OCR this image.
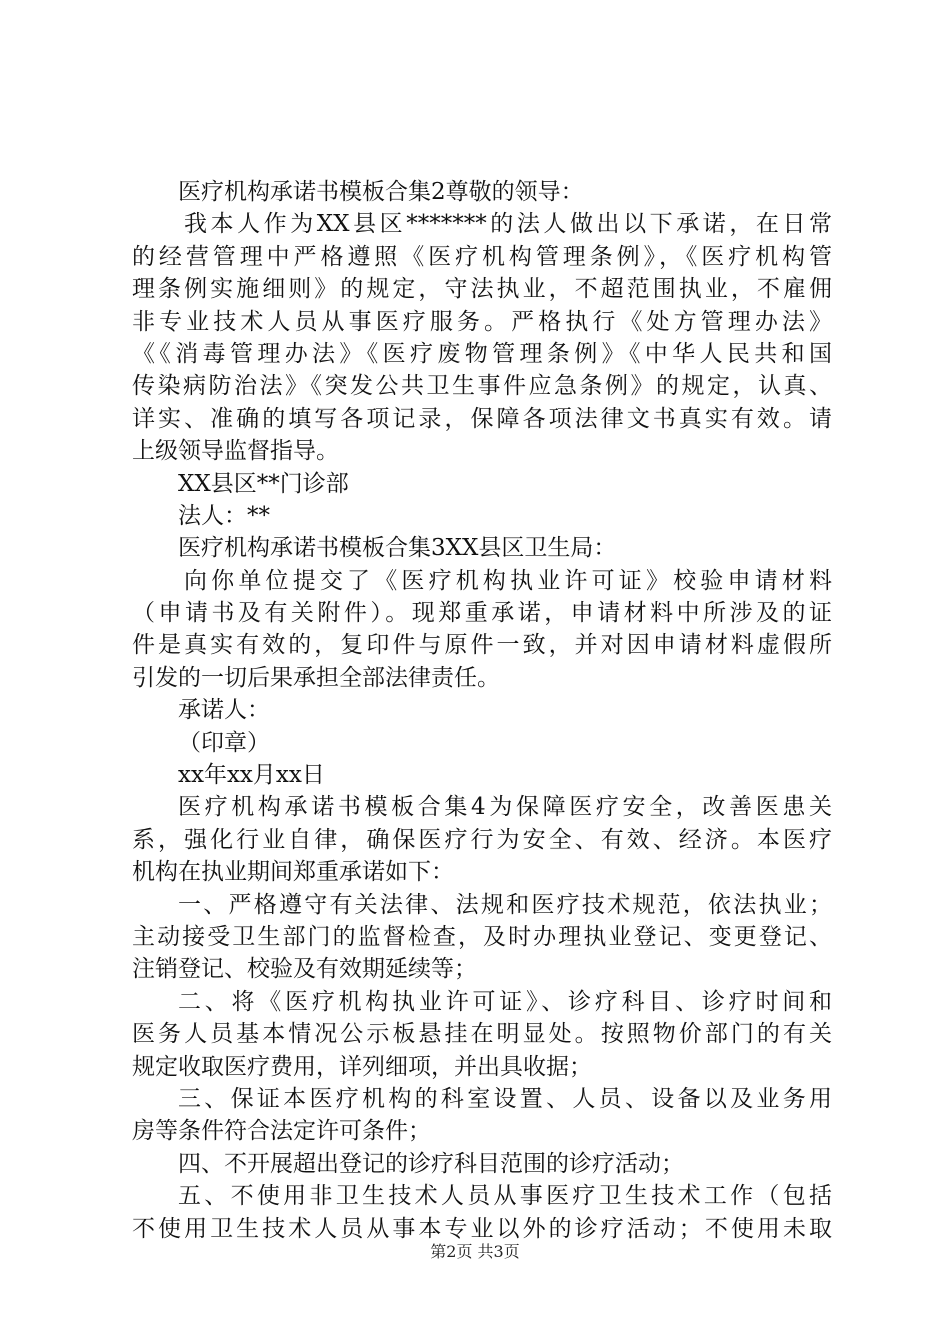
医疗机构承诺书模板合集2尊敬的领导：
我本人作为XX县区*******的法人做出以下承诺，在日常
的经营管理中严格遵照《医疗机构管理条例》，《医疗机构管
理条例实施细则》的规定，守法执业，不超范围执业，不雇佣
非专业技术人员从事医疗服务。严格执行《处方管理办法》
《《消毒管理办法》《医疗废物管理条例》《中华人民共和国
传染病防治法》《突发公共卫生事件应急条例》的规定，认真、
详实、准确的填写各项记录，保障各项法律文书真实有效。请
上级领导监督指导。
XX县区**门诊部
法人：**
医疗机构承诺书模板合集3XX县区卫生局：
向你单位提交了《医疗机构执业许可证》校验申请材料
（申请书及有关附件）。现郑重承诺，申请材料中所涉及的证
件是真实有效的，复印件与原件一致，并对因申请材料虚假所
引发的一切后果承担全部法律责任。
承诺人：
（印章）
xx年xx月xx日
医疗机构承诺书模板合集4为保障医疗安全，改善医患关
系，强化行业自律，确保医疗行为安全、有效、经济。本医疗
机构在执业期间郑重承诺如下：
一、严格遵守有关法律、法规和医疗技术规范，依法执业；
主动接受卫生部门的监督检查，及时办理执业登记、变更登记、
注销登记、校验及有效期延续等；
二、将《医疗机构执业许可证》、诊疗科目、诊疗时间和
医务人员基本情况公示板悬挂在明显处。按照物价部门的有关
规定收取医疗费用，详列细项，并出具收据；
三、保证本医疗机构的科室设置、人员、设备以及业务用
房等条件符合法定许可条件；
四、不开展超出登记的诊疗科目范围的诊疗活动；
五、不使用非卫生技术人员从事医疗卫生技术工作（包括
不使用卫生技术人员从事本专业以外的诊疗活动；不使用未取
第2页 共3页
